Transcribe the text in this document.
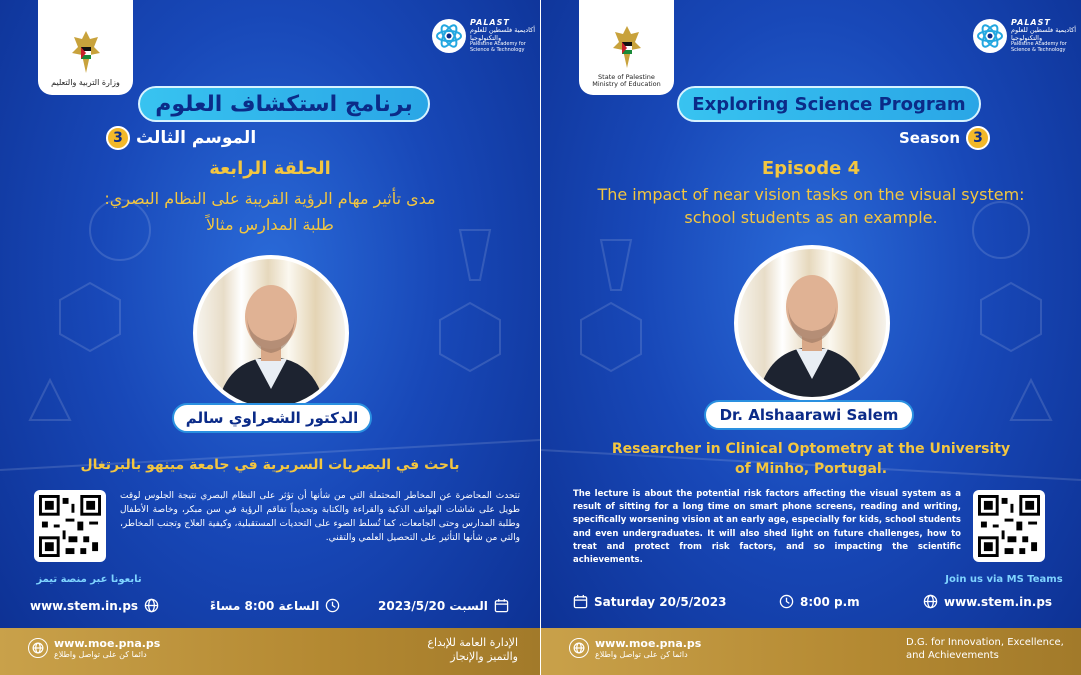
وزارة التربية والتعليم
PALAST
أكاديمية فلسطين للعلوم والتكنولوجيا
Palestine Academy for Science & Technology
برنامج استكشاف العلوم
الموسم الثالث
3
الحلقة الرابعة
مدى تأثير مهام الرؤية القريبة على النظام البصري:
طلبة المدارس مثالاً
الدكتور الشعراوي سالم
باحث في البصريات السريرية في جامعة مينهو بالبرتغال
تابعونا عبر منصة تيمز
تتحدث المحاضرة عن المخاطر المحتملة التي من شأنها أن تؤثر على النظام البصري نتيجة الجلوس لوقت طويل على شاشات الهواتف الذكية والقراءة والكتابة وتحديداً تفاقم الرؤية في سن مبكر، وخاصة الأطفال وطلبة المدارس وحتى الجامعات، كما تُسلط الضوء على التحديات المستقبلية، وكيفية العلاج وتجنب المخاطر، والتي من شأنها التأثير على التحصيل العلمي والتقني.
www.stem.in.ps	الساعة 8:00 مساءً	السبت 2023/5/20
www.moe.pna.ps
دائما كن على تواصل واطلاع
الإدارة العامة للإبداع
والتميز والإنجاز
State of Palestine
Ministry of Education
PALAST
أكاديمية فلسطين للعلوم والتكنولوجيا
Palestine Academy for Science & Technology
Exploring Science Program
Season 3
Episode 4
The impact of near vision tasks on the visual system:
school students as an example.
Dr. Alshaarawi Salem
Researcher in Clinical Optometry at the University
of Minho, Portugal.
The lecture is about the potential risk factors affecting the visual system as a result of sitting for a long time on smart phone screens, reading and writing, specifically worsening vision at an early age, especially for kids, school students and even undergraduates. It will also shed light on future challenges, how to treat and protect from risk factors, and so impacting the scientific achievements.
Join us via MS Teams
Saturday 20/5/2023	8:00 p.m	www.stem.in.ps
www.moe.pna.ps
دائما كن على تواصل واطلاع
D.G. for Innovation, Excellence,
and Achievements
